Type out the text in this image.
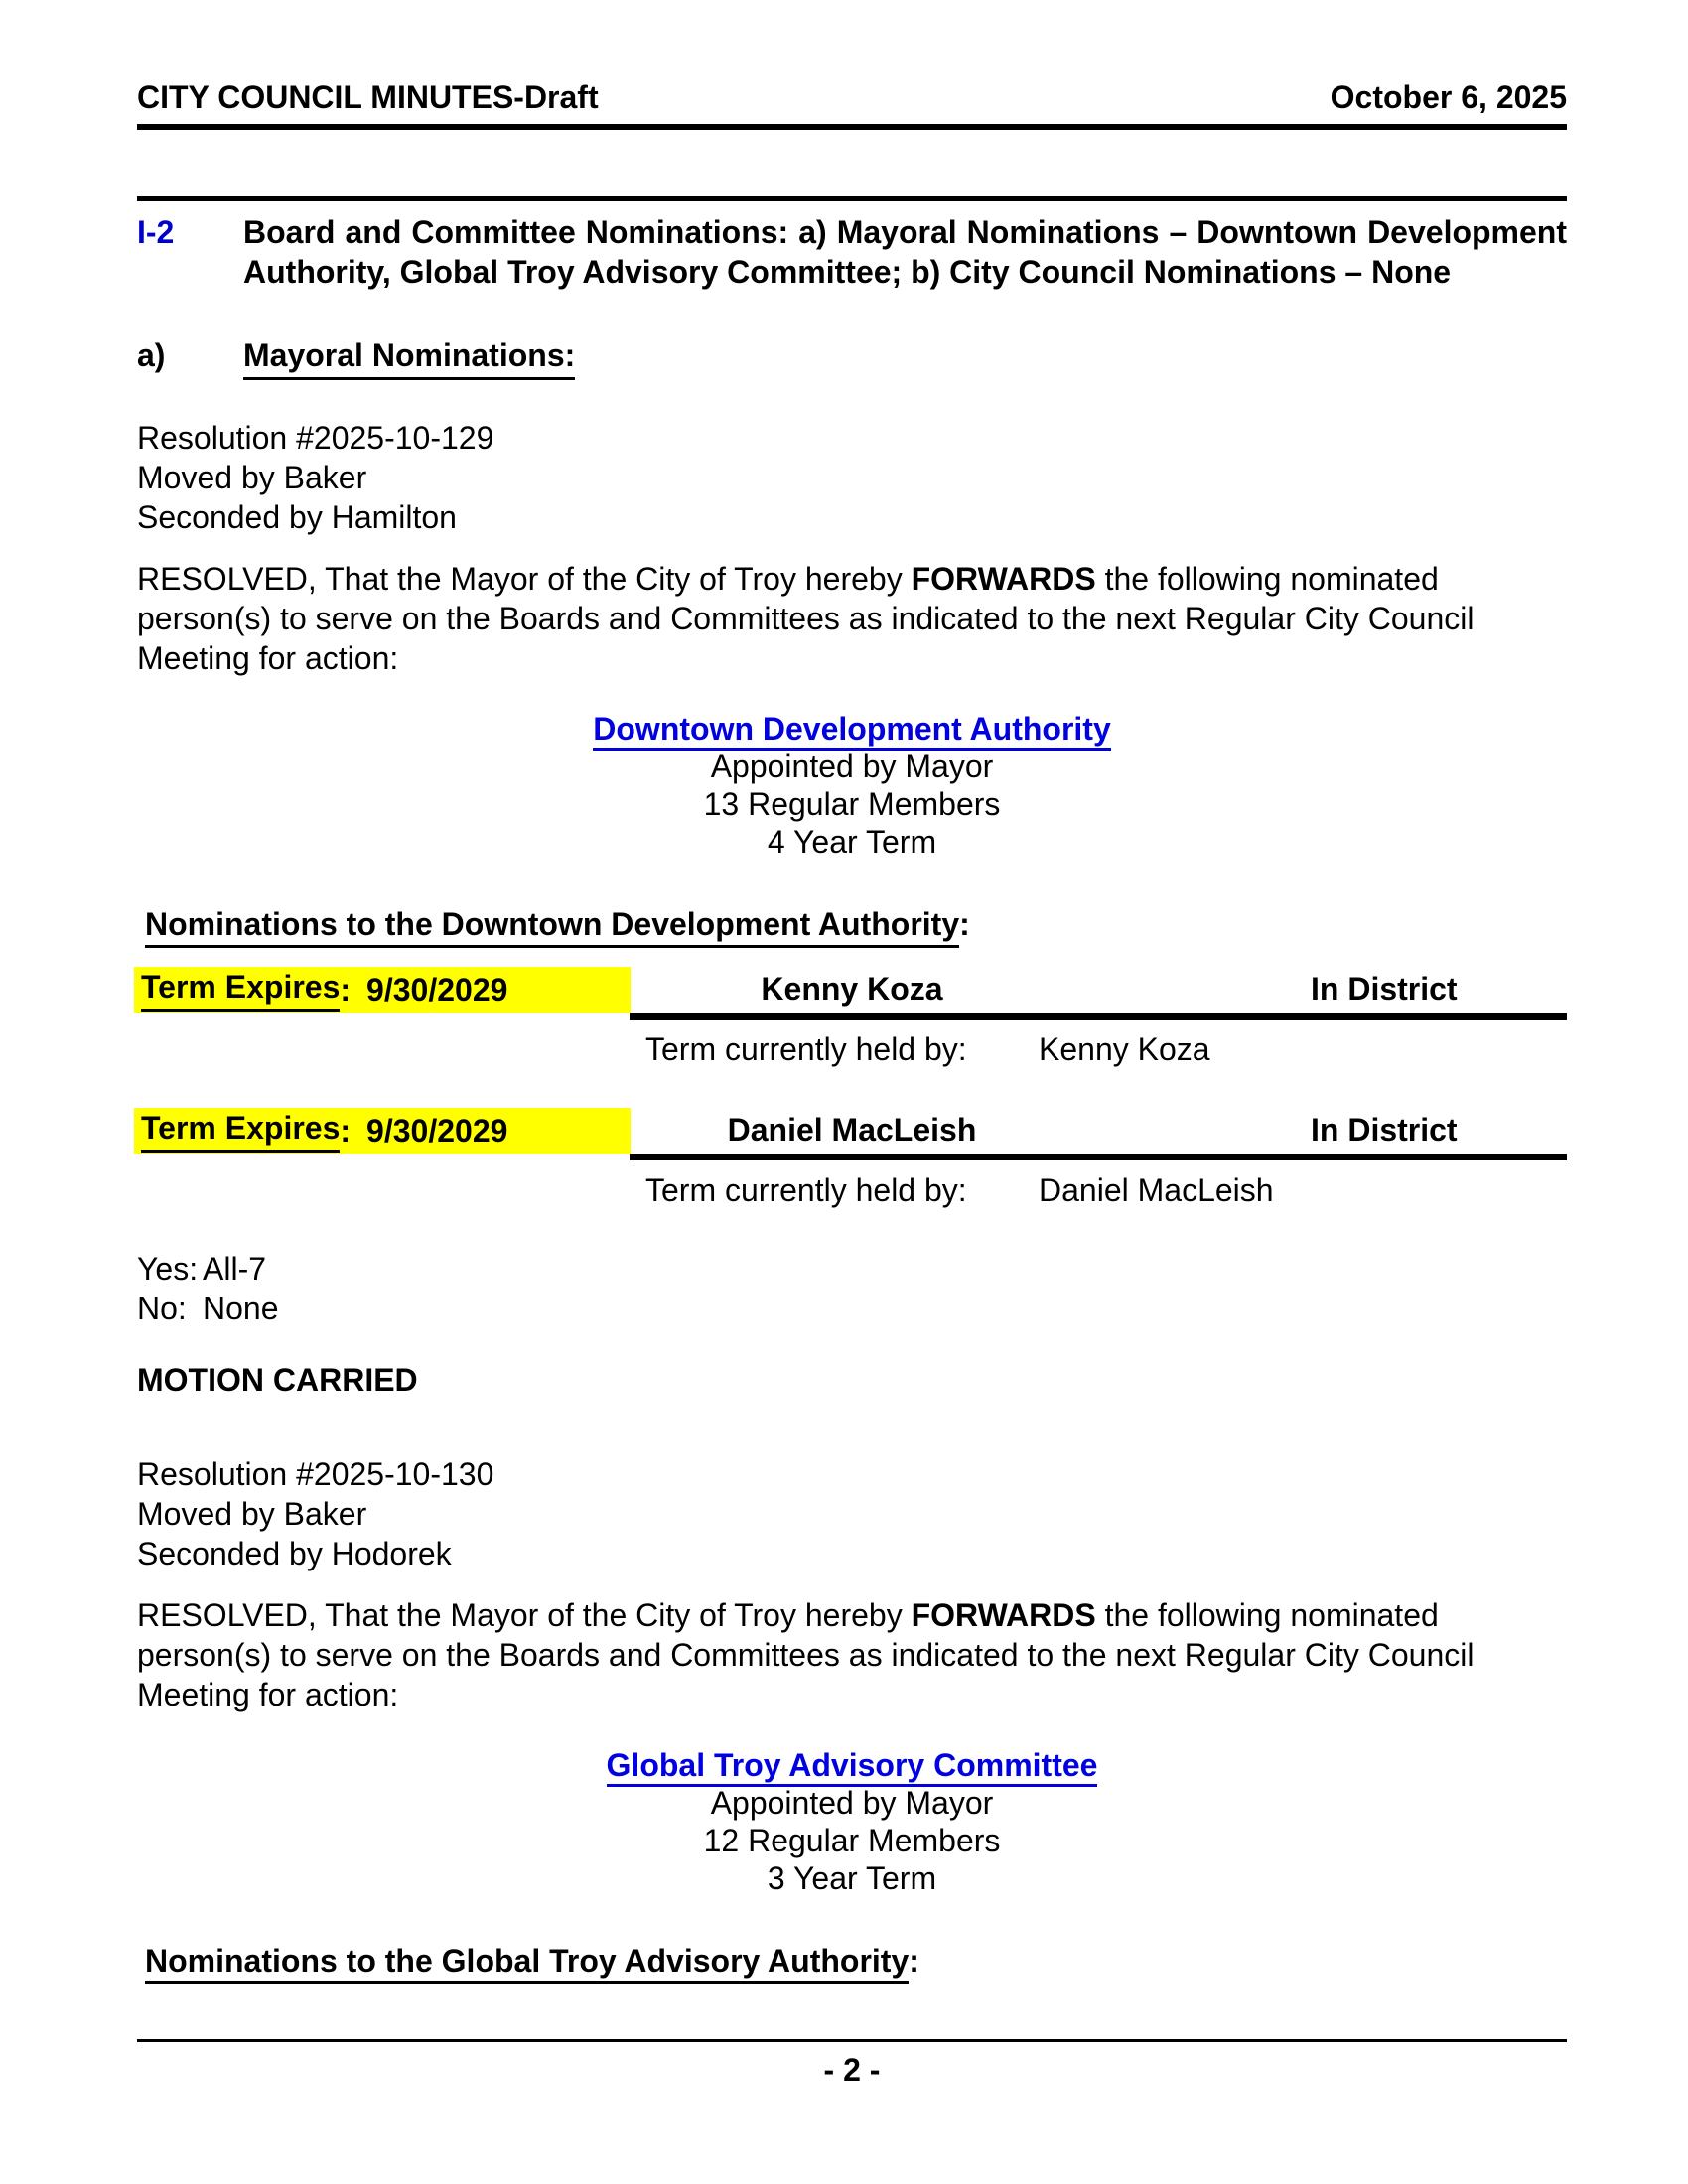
CITY COUNCIL MINUTES-Draft	October 6, 2025
I-2	Board and Committee Nominations: a) Mayoral Nominations – Downtown Development Authority, Global Troy Advisory Committee; b) City Council Nominations – None
a)	Mayoral Nominations:
Resolution #2025-10-129
Moved by Baker
Seconded by Hamilton
RESOLVED, That the Mayor of the City of Troy hereby FORWARDS the following nominated person(s) to serve on the Boards and Committees as indicated to the next Regular City Council Meeting for action:
Downtown Development Authority
Appointed by Mayor
13 Regular Members
4 Year Term
Nominations to the Downtown Development Authority:
Term Expires : 9/30/2029	Kenny Koza	In District
Term currently held by: Kenny Koza
Term Expires : 9/30/2029	Daniel MacLeish	In District
Term currently held by: Daniel MacLeish
Yes: All-7
No: None
MOTION CARRIED
Resolution #2025-10-130
Moved by Baker
Seconded by Hodorek
RESOLVED, That the Mayor of the City of Troy hereby FORWARDS the following nominated person(s) to serve on the Boards and Committees as indicated to the next Regular City Council Meeting for action:
Global Troy Advisory Committee
Appointed by Mayor
12 Regular Members
3 Year Term
Nominations to the Global Troy Advisory Authority:
- 2 -
